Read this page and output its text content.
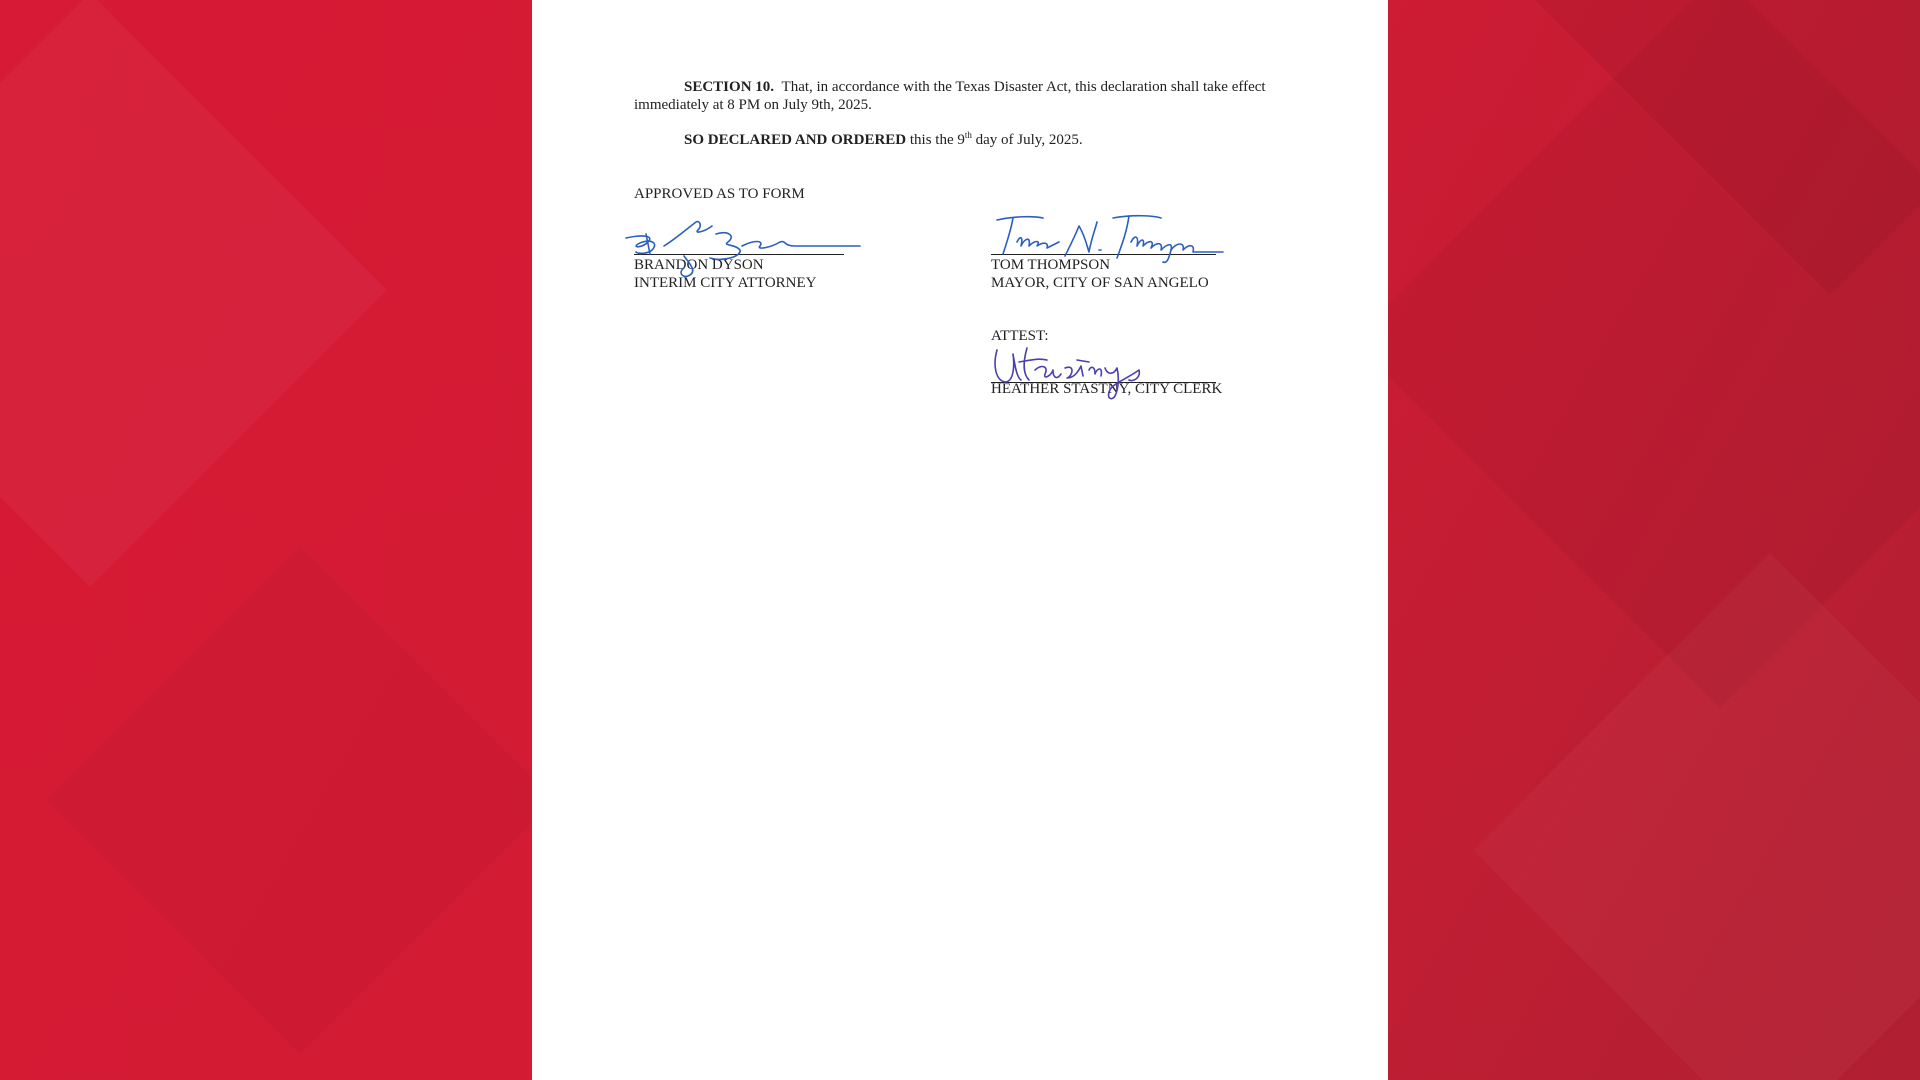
SECTION 10. That, in accordance with the Texas Disaster Act, this declaration shall take effect
immediately at 8 PM on July 9th, 2025.

SO DECLARED AND ORDERED this the 9th day of July, 2025.

APPROVED AS TO FORM
BRANDON DYSON
INTERIM CITY ATTORNEY
TOM THOMPSON
MAYOR, CITY OF SAN ANGELO
ATTEST:
HEATHER STASTNY, CITY CLERK
